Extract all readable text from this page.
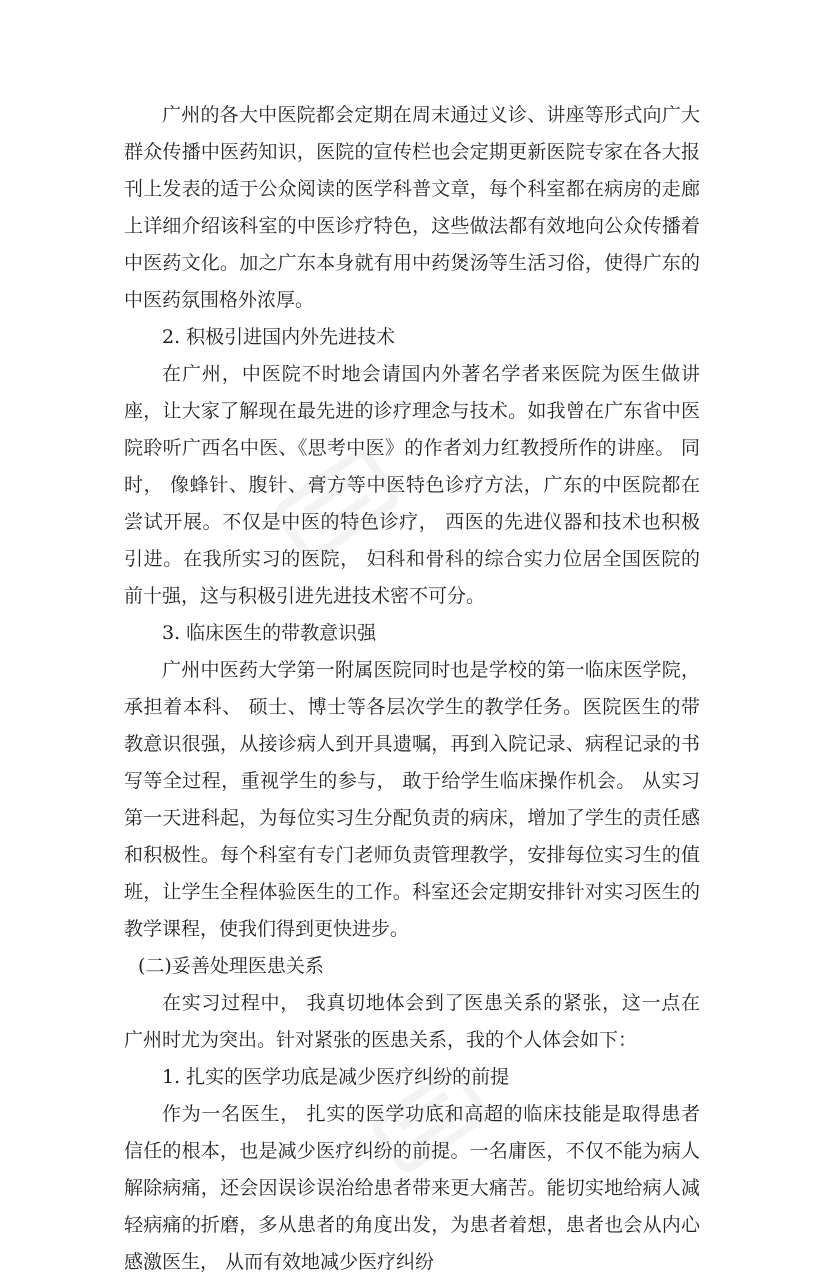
广州的各大中医院都会定期在周末通过义诊、讲座等形式向广大群众传播中医药知识，医院的宣传栏也会定期更新医院专家在各大报刊上发表的适于公众阅读的医学科普文章，每个科室都在病房的走廊上详细介绍该科室的中医诊疗特色，这些做法都有效地向公众传播着中医药文化。加之广东本身就有用中药煲汤等生活习俗，使得广东的中医药氛围格外浓厚。

2. 积极引进国内外先进技术

在广州，中医院不时地会请国内外著名学者来医院为医生做讲座，让大家了解现在最先进的诊疗理念与技术。如我曾在广东省中医院聆听广西名中医、《思考中医》的作者刘力红教授所作的讲座。 同时， 像蜂针、腹针、膏方等中医特色诊疗方法，广东的中医院都在尝试开展。不仅是中医的特色诊疗， 西医的先进仪器和技术也积极引进。在我所实习的医院， 妇科和骨科的综合实力位居全国医院的前十强，这与积极引进先进技术密不可分。

3. 临床医生的带教意识强

广州中医药大学第一附属医院同时也是学校的第一临床医学院， 承担着本科、 硕士、博士等各层次学生的教学任务。医院医生的带教意识很强，从接诊病人到开具遗嘱，再到入院记录、病程记录的书写等全过程，重视学生的参与， 敢于给学生临床操作机会。 从实习第一天进科起，为每位实习生分配负责的病床，增加了学生的责任感和积极性。每个科室有专门老师负责管理教学，安排每位实习生的值班，让学生全程体验医生的工作。科室还会定期安排针对实习医生的教学课程，使我们得到更快进步。

(二)妥善处理医患关系

在实习过程中， 我真切地体会到了医患关系的紧张，这一点在广州时尤为突出。针对紧张的医患关系，我的个人体会如下：

1. 扎实的医学功底是减少医疗纠纷的前提

作为一名医生， 扎实的医学功底和高超的临床技能是取得患者信任的根本，也是减少医疗纠纷的前提。一名庸医，不仅不能为病人解除病痛，还会因误诊误治给患者带来更大痛苦。能切实地给病人减轻病痛的折磨，多从患者的角度出发，为患者着想，患者也会从内心感激医生， 从而有效地减少医疗纠纷
